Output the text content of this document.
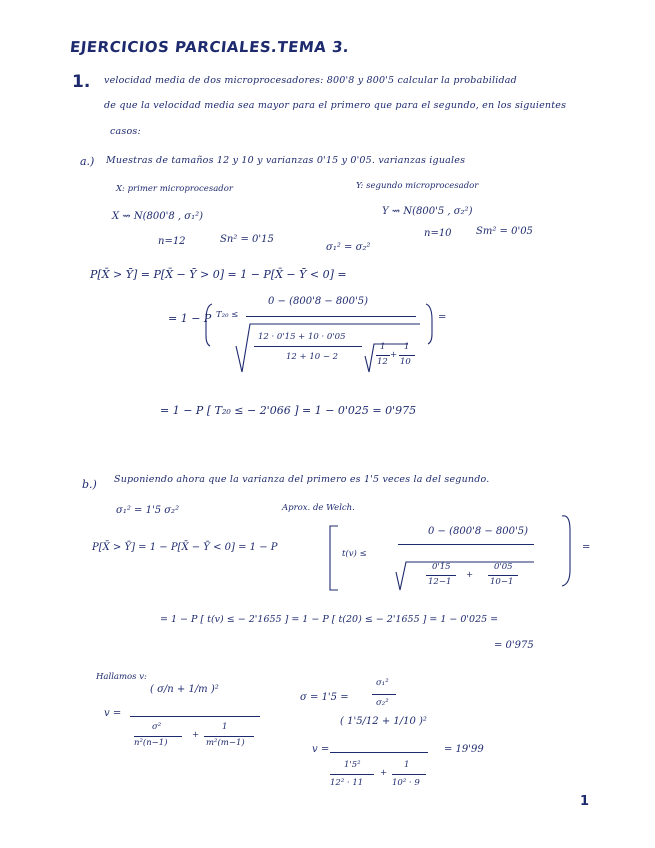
EJERCICIOS PARCIALES.TEMA 3.
1. velocidad media de dos microprocesadores: 800'8 y 800'5 calcular la probabilidad
de que la velocidad media sea mayor para el primero que para el segundo, en los siguientes
casos:
a.) Muestras de tamaños 12 y 10 y varianzas 0'15 y 0'05. varianzas iguales
X: primer microprocesador	Y: segundo microprocesador
X ⇝ N(800'8 , σ₁²)	Y ⇝ N(800'5 , σ₂²)
n=12	Sn² = 0'15
n=10 Sm² = 0'05
σ₁² = σ₂²
P[X̄ > Ȳ] = P[X̄ − Ȳ > 0] = 1 − P[X̄ − Ȳ < 0] =
= 1 − P T₂₀ ≤
0 − (800'8 − 800'5)
12 · 0'15 + 10 · 0'05
12 + 10 − 2
1
12
+
1
10
=
= 1 − P [ T₂₀ ≤ − 2'066 ] = 1 − 0'025 = 0'975
b.) Suponiendo ahora que la varianza del primero es 1'5 veces la del segundo.
σ₁² = 1'5 σ₂²	Aprox. de Welch.
P[X̄ > Ȳ] = 1 − P[X̄ − Ȳ < 0] = 1 − P
t(v) ≤
0 − (800'8 − 800'5)
0'15
12−1
+
0'05
10−1
=
= 1 − P [ t(v) ≤ − 2'1655 ] = 1 − P [ t(20) ≤ − 2'1655 ] = 1 − 0'025 =
= 0'975
Hallamos v:
v =
( σ/n + 1/m )²
σ²
n²(n−1)
+
1
m²(m−1)
σ = 1'5 =
σ₁²
σ₂²
v =
( 1'5/12 + 1/10 )²
1'5²
12² · 11
+
1
10² · 9
= 19'99
1
